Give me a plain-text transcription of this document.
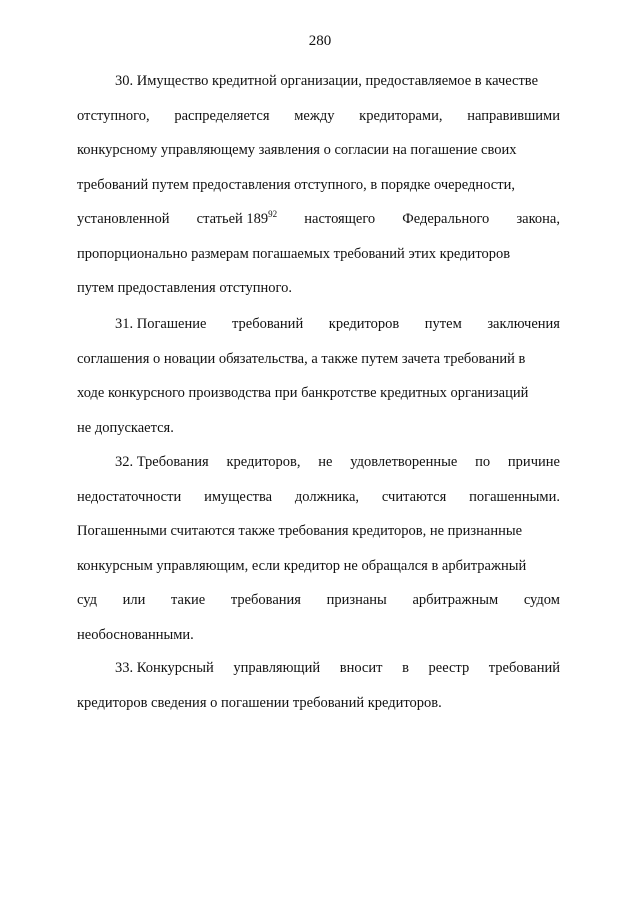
280
30. Имущество кредитной организации, предоставляемое в качестве
отступного, распределяется между кредиторами, направившими
конкурсному управляющему заявления о согласии на погашение своих
требований путем предоставления отступного, в порядке очередности,
установленной статьей $189^{92}$ настоящего Федерального закона,
пропорционально размерам погашаемых требований этих кредиторов
путем предоставления отступного.
31. Погашение требований кредиторов путем заключения
соглашения о новации обязательства, а также путем зачета требований в
ходе конкурсного производства при банкротстве кредитных организаций
не допускается.
32. Требования кредиторов, не удовлетворенные по причине
недостаточности имущества должника, считаются погашенными.
Погашенными считаются также требования кредиторов, не признанные
конкурсным управляющим, если кредитор не обращался в арбитражный
суд или такие требования признаны арбитражным судом
необоснованными.
33. Конкурсный управляющий вносит в реестр требований
кредиторов сведения о погашении требований кредиторов.
